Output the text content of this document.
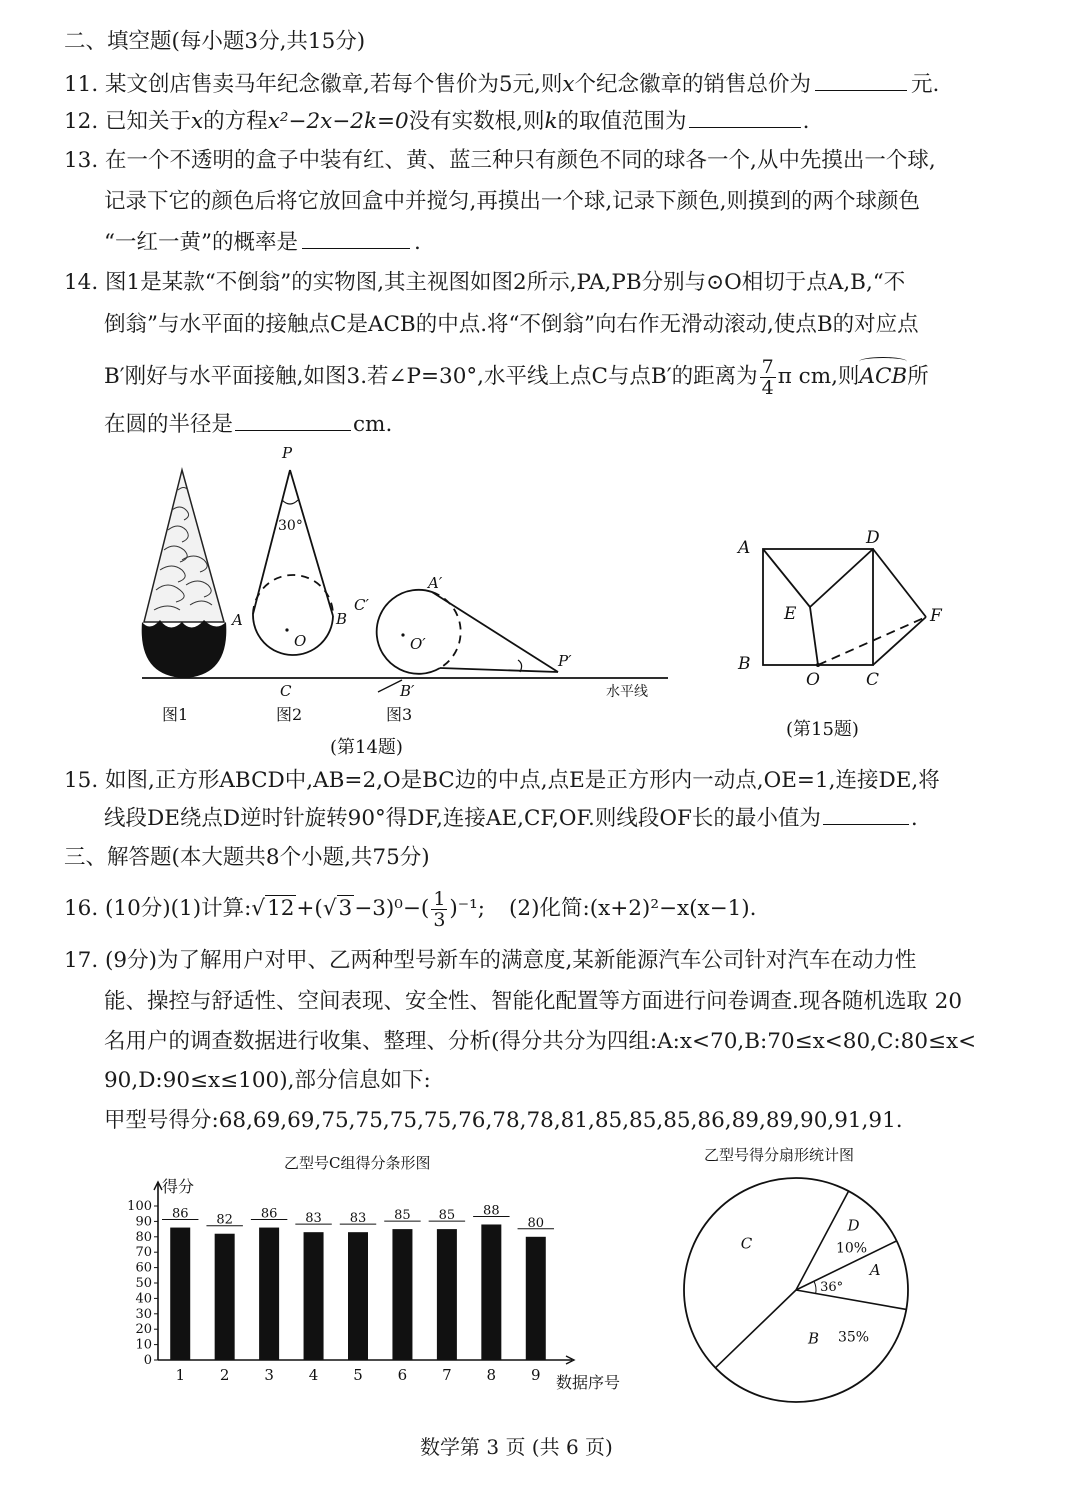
二、填空题(每小题3分,共15分)
11. 某文创店售卖马年纪念徽章,若每个售价为5元,则x个纪念徽章的销售总价为	元.
12. 已知关于x的方程x²−2x−2k=0没有实数根,则k的取值范围为	.
13. 在一个不透明的盒子中装有红、黄、蓝三种只有颜色不同的球各一个,从中先摸出一个球,
记录下它的颜色后将它放回盒中并搅匀,再摸出一个球,记录下颜色,则摸到的两个球颜色
“一红一黄”的概率是	.
14. 图1是某款“不倒翁”的实物图,其主视图如图2所示,PA,PB分别与⊙O相切于点A,B,“不
倒翁”与水平面的接触点C是ACB的中点.将“不倒翁”向右作无滑动滚动,使点B的对应点
B′刚好与水平面接触,如图3.若∠P=30°,水平线上点C与点B′的距离为 $\frac{7}{4}$ π cm,则
ACB所
在圆的半径是	cm.
A
P
30°
B
O
C
A′
C′
O′
P′
B′	水平线
图1	图2	图3
(第14题)
A	D
E	F
B
O	C
(第15题)
15. 如图,正方形ABCD中,AB=2,O是BC边的中点,点E是正方形内一动点,OE=1,连接DE,将
线段DE绕点D逆时针旋转90°得DF,连接AE,CF,OF.则线段OF长的最小值为	.
三、解答题(本大题共8个小题,共75分)
16. (10分)(1)计算:√12+(√3−3)⁰−( $\frac{1}{3} )^{-1}$; (2)化简:(x+2)²−x(x−1).
17. (9分)为了解用户对甲、乙两种型号新车的满意度,某新能源汽车公司针对汽车在动力性
能、操控与舒适性、空间表现、安全性、智能化配置等方面进行问卷调查.现各随机选取 20
名用户的调查数据进行收集、整理、分析(得分共分为四组:A:x<70,B:70≤x<80,C:80≤x<
90,D:90≤x≤100),部分信息如下:
甲型号得分:68,69,69,75,75,75,75,76,78,78,81,85,85,85,86,89,89,90,91,91.
乙型号C组得分条形图
得分
数据序号
0
10
20
30
40
50
60
70
80
90
100
86
1
82
2
86
3
83
4
83
5
85
6
85
7
88
8
80
9
乙型号得分扇形统计图
A
36°
D
10%
C
B 35%
数学第 3 页 (共 6 页)
